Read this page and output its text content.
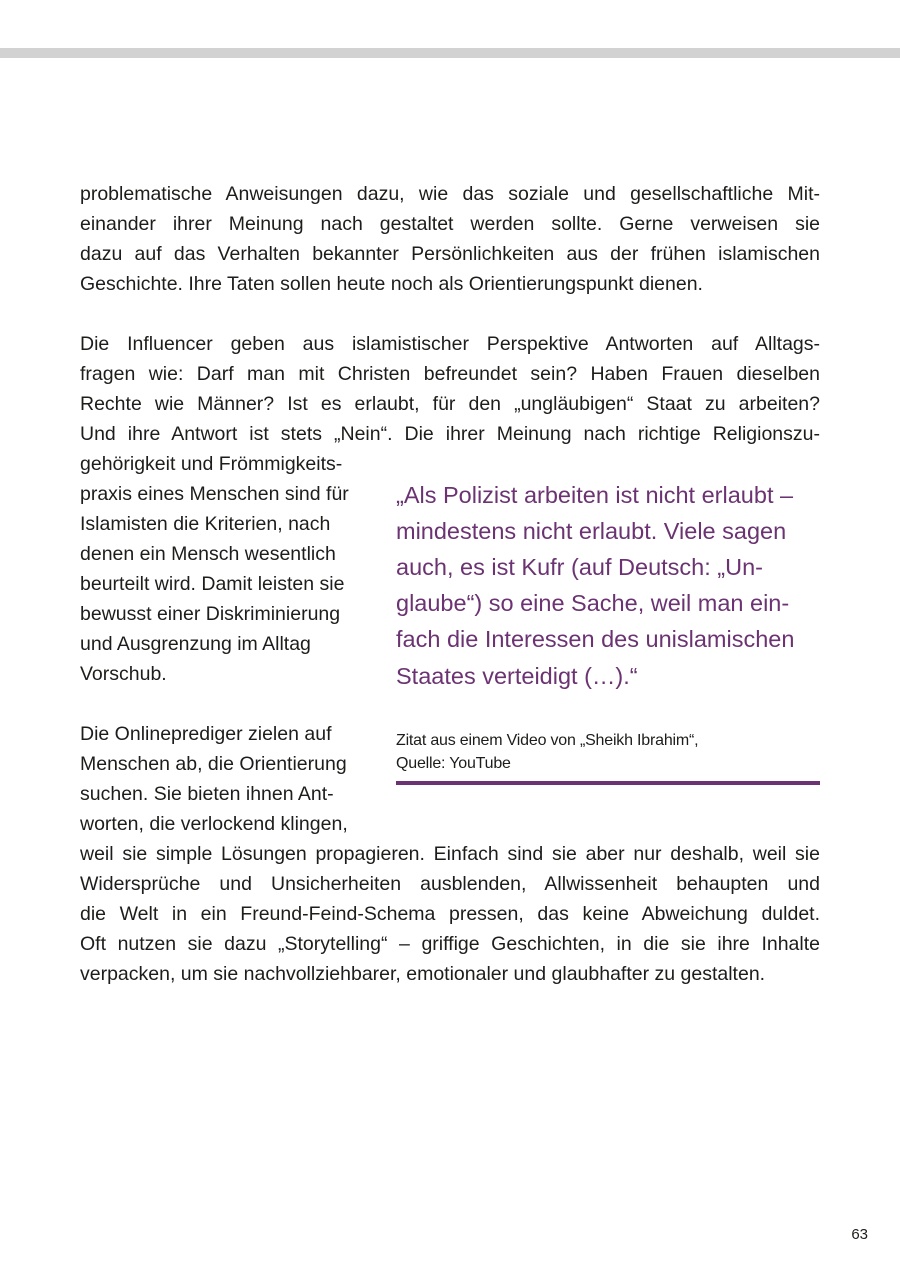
problematische Anweisungen dazu, wie das soziale und gesellschaftliche Mit-

einander ihrer Meinung nach gestaltet werden sollte. Gerne verweisen sie

dazu auf das Verhalten bekannter Persönlichkeiten aus der frühen islamischen

Geschichte. Ihre Taten sollen heute noch als Orientierungspunkt dienen.

Die Influencer geben aus islamistischer Perspektive Antworten auf Alltags-

fragen wie: Darf man mit Christen befreundet sein? Haben Frauen dieselben

Rechte wie Männer? Ist es erlaubt, für den „ungläubigen“ Staat zu arbeiten?

Und ihre Antwort ist stets „Nein“. Die ihrer Meinung nach richtige Religionszu-

gehörigkeit und Frömmigkeits-

praxis eines Menschen sind für

Islamisten die Kriterien, nach

denen ein Mensch wesentlich

beurteilt wird. Damit leisten sie

bewusst einer Diskriminierung

und Ausgrenzung im Alltag

Vorschub.

Die Onlineprediger zielen auf

Menschen ab, die Orientierung

suchen. Sie bieten ihnen Ant-

worten, die verlockend klingen,

weil sie simple Lösungen propagieren. Einfach sind sie aber nur deshalb, weil sie

Widersprüche und Unsicherheiten ausblenden, Allwissenheit behaupten und

die Welt in ein Freund-Feind-Schema pressen, das keine Abweichung duldet.

Oft nutzen sie dazu „Storytelling“ – griffige Geschichten, in die sie ihre Inhalte

verpacken, um sie nachvollziehbarer, emotionaler und glaubhafter zu gestalten.

„Als Polizist arbeiten ist nicht erlaubt –

mindestens nicht erlaubt. Viele sagen

auch, es ist Kufr (auf Deutsch: „Un-

glaube“) so eine Sache, weil man ein-

fach die Interessen des unislamischen

Staates verteidigt (…).“

Zitat aus einem Video von „Sheikh Ibrahim“,

Quelle: YouTube

63
